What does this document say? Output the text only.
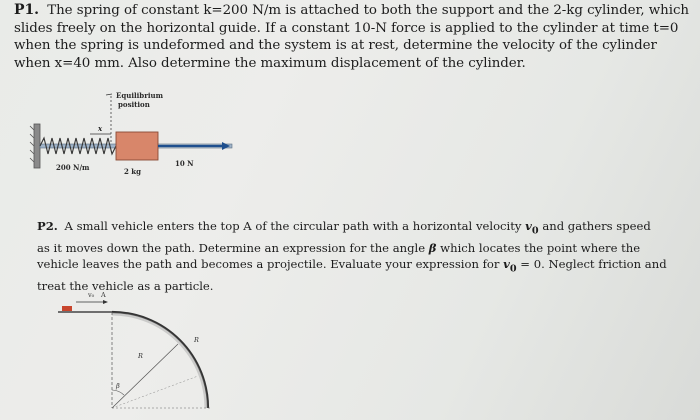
P1. The spring of constant k=200 N/m is attached to both the support and the 2-kg cylinder, which slides freely on the horizontal guide. If a constant 10-N force is applied to the cylinder at time t=0 when the spring is undeformed and the system is at rest, determine the velocity of the cylinder when x=40 mm. Also determine the maximum displacement of the cylinder.
Equilibrium
position
x
10 N
200 N/m	2 kg
P2. A small vehicle enters the top A of the circular path with a horizontal velocity $v_0$ and gathers speed as it moves down the path. Determine an expression for the angle β which locates the point where the vehicle leaves the path and becomes a projectile. Evaluate your expression for $v_0 = 0$. Neglect friction and treat the vehicle as a particle.
v₀ A
R
R
β
